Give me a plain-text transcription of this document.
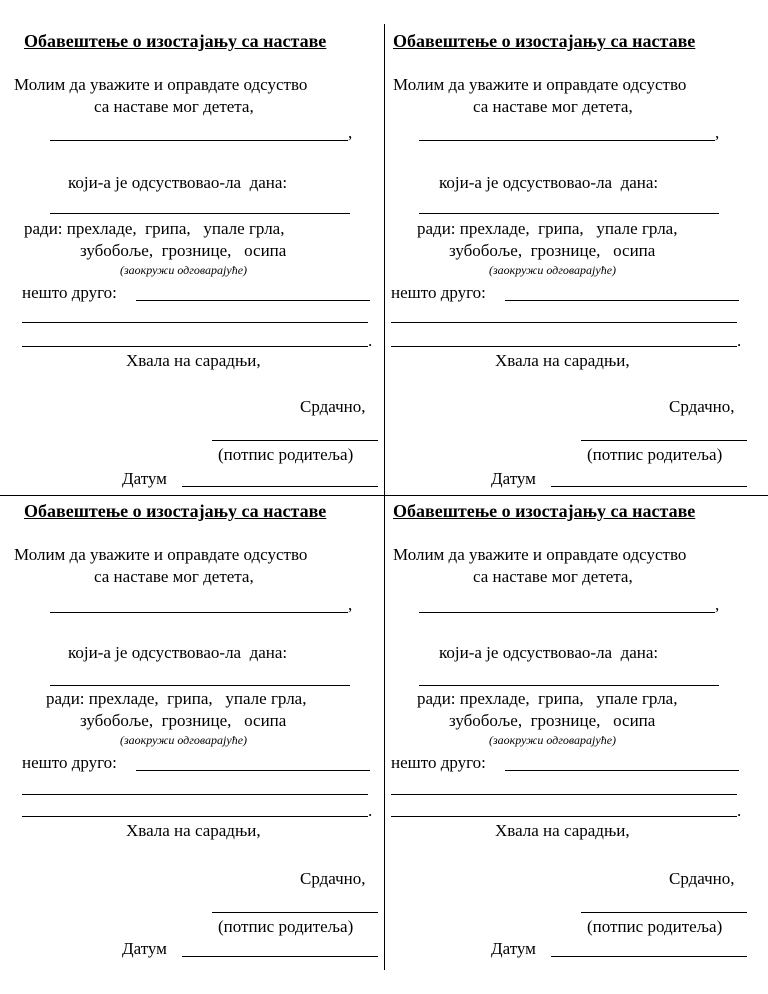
Обавештење о изостајању са наставе
Молим да уважите и оправдате одсуство
са наставе мог детета,
,
који-а је одсуствовао-ла  дана:
ради: прехладе,  грипа,   упале грла,
зубобоље,  грознице,   осипа
(заокружи одговарајуће)
нешто друго:
.
Хвала на сарадњи,
Срдачно,
(потпис родитеља)
Датум
Обавештење о изостајању са наставе
Молим да уважите и оправдате одсуство
са наставе мог детета,
,
који-а је одсуствовао-ла  дана:
ради: прехладе,  грипа,   упале грла,
зубобоље,  грознице,   осипа
(заокружи одговарајуће)
нешто друго:
.
Хвала на сарадњи,
Срдачно,
(потпис родитеља)
Датум
Обавештење о изостајању са наставе
Молим да уважите и оправдате одсуство
са наставе мог детета,
,
који-а је одсуствовао-ла  дана:
ради: прехладе,  грипа,   упале грла,
зубобоље,  грознице,   осипа
(заокружи одговарајуће)
нешто друго:
.
Хвала на сарадњи,
Срдачно,
(потпис родитеља)
Датум
Обавештење о изостајању са наставе
Молим да уважите и оправдате одсуство
са наставе мог детета,
,
који-а је одсуствовао-ла  дана:
ради: прехладе,  грипа,   упале грла,
зубобоље,  грознице,   осипа
(заокружи одговарајуће)
нешто друго:
.
Хвала на сарадњи,
Срдачно,
(потпис родитеља)
Датум
